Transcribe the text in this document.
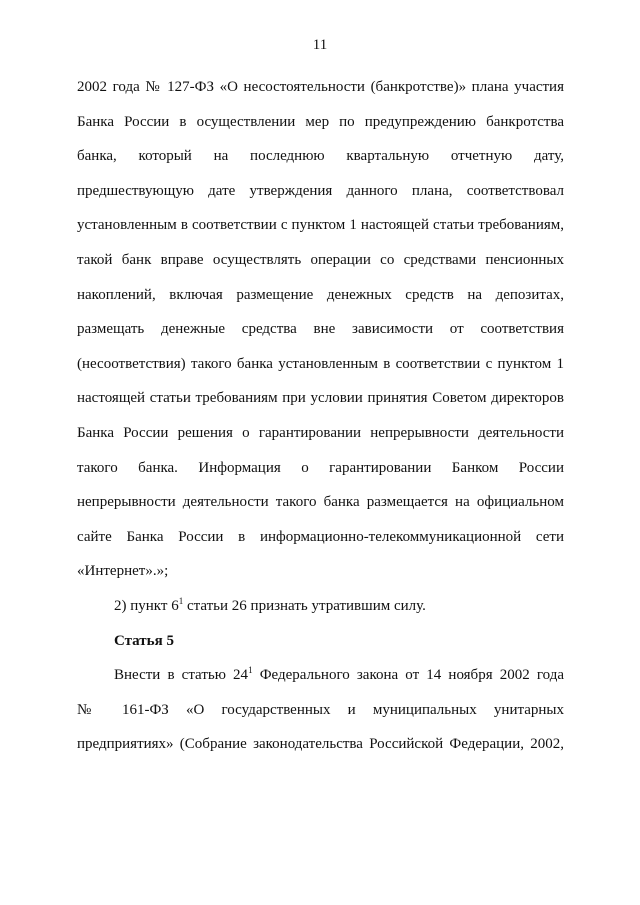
11
2002 года № 127-ФЗ «О несостоятельности (банкротстве)» плана участия
Банка России в осуществлении мер по предупреждению банкротства
банка, который на последнюю квартальную отчетную дату,
предшествующую дате утверждения данного плана, соответствовал
установленным в соответствии с пунктом 1 настоящей статьи требованиям,
такой банк вправе осуществлять операции со средствами пенсионных
накоплений, включая размещение денежных средств на депозитах,
размещать денежные средства вне зависимости от соответствия
(несоответствия) такого банка установленным в соответствии с пунктом 1
настоящей статьи требованиям при условии принятия Советом директоров
Банка России решения о гарантировании непрерывности деятельности
такого банка. Информация о гарантировании Банком России
непрерывности деятельности такого банка размещается на официальном
сайте Банка России в информационно-телекоммуникационной сети
«Интернет».»;
2) пункт $6^1$ статьи 26 признать утратившим силу.
Статья 5
Внести в статью $24^1$ Федерального закона от 14 ноября 2002 года
№ 161-ФЗ «О государственных и муниципальных унитарных
предприятиях» (Собрание законодательства Российской Федерации, 2002,
